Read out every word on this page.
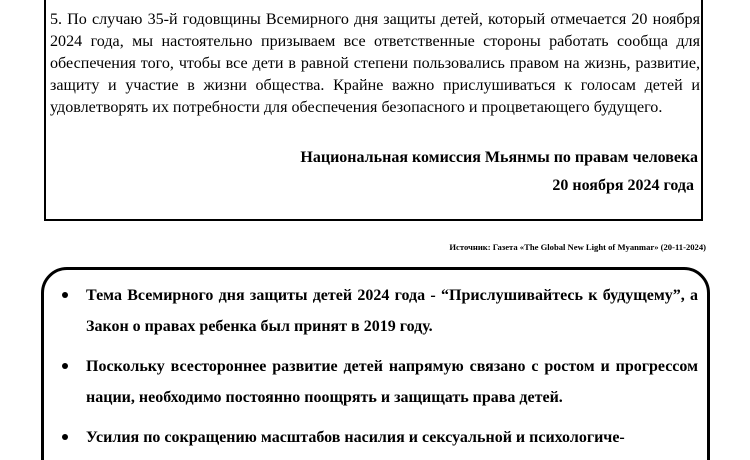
5. По случаю 35-й годовщины Всемирного дня защиты детей, который отмечается 20 ноября 2024 года, мы настоятельно призываем все ответственные стороны работать сообща для обеспечения того, чтобы все дети в равной степени пользовались правом на жизнь, развитие, защиту и участие в жизни общества. Крайне важно прислушиваться к голосам детей и удовлетворять их потребности для обеспечения безопасного и процветающего будущего.

Национальная комиссия Мьянмы по правам человека

20 ноября 2024 года

Источник: Газета «The Global New Light of Myanmar» (20-11-2024)

Тема Всемирного дня защиты детей 2024 года - “Прислушивайтесь к будущему”, а Закон о правах ребенка был принят в 2019 году.
Поскольку всестороннее развитие детей напрямую связано с ростом и прогрессом нации, необходимо постоянно поощрять и защищать права детей.
Усилия по сокращению масштабов насилия и сексуальной и психологиче-
